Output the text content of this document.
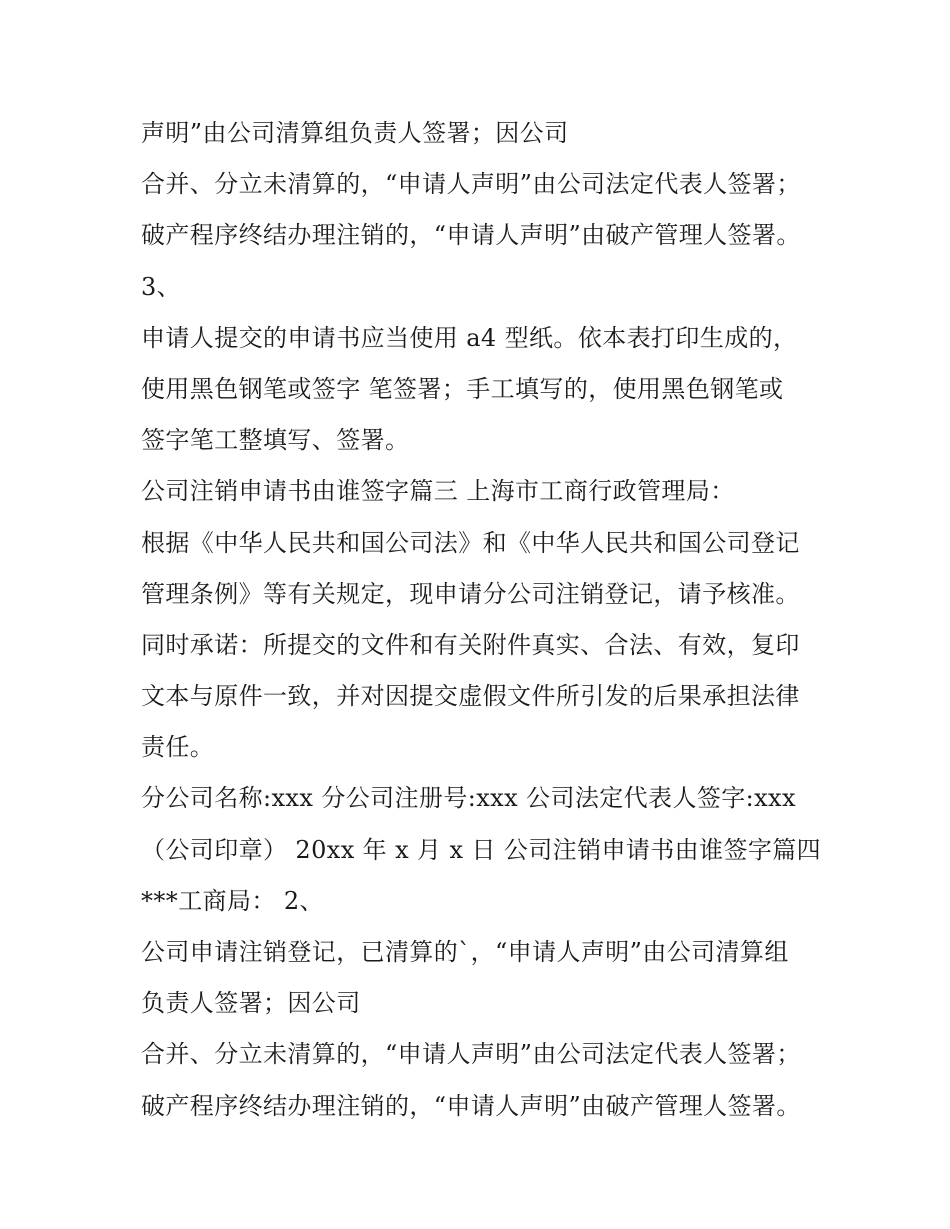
声明”由公司清算组负责人签署；因公司
合并、分立未清算的，“申请人声明”由公司法定代表人签署；
破产程序终结办理注销的，“申请人声明”由破产管理人签署。
3、
申请人提交的申请书应当使用 a4 型纸。依本表打印生成的，
使用黑色钢笔或签字 笔签署；手工填写的，使用黑色钢笔或
签字笔工整填写、签署。
公司注销申请书由谁签字篇三 上海市工商行政管理局：
根据《中华人民共和国公司法》和《中华人民共和国公司登记
管理条例》等有关规定，现申请分公司注销登记，请予核准。
同时承诺：所提交的文件和有关附件真实、合法、有效，复印
文本与原件一致，并对因提交虚假文件所引发的后果承担法律
责任。
分公司名称:xxx 分公司注册号:xxx 公司法定代表人签字:xxx
（公司印章） 20xx 年 x 月 x 日 公司注销申请书由谁签字篇四
***工商局： 2、
公司申请注销登记，已清算的`，“申请人声明”由公司清算组
负责人签署；因公司
合并、分立未清算的，“申请人声明”由公司法定代表人签署；
破产程序终结办理注销的，“申请人声明”由破产管理人签署。
